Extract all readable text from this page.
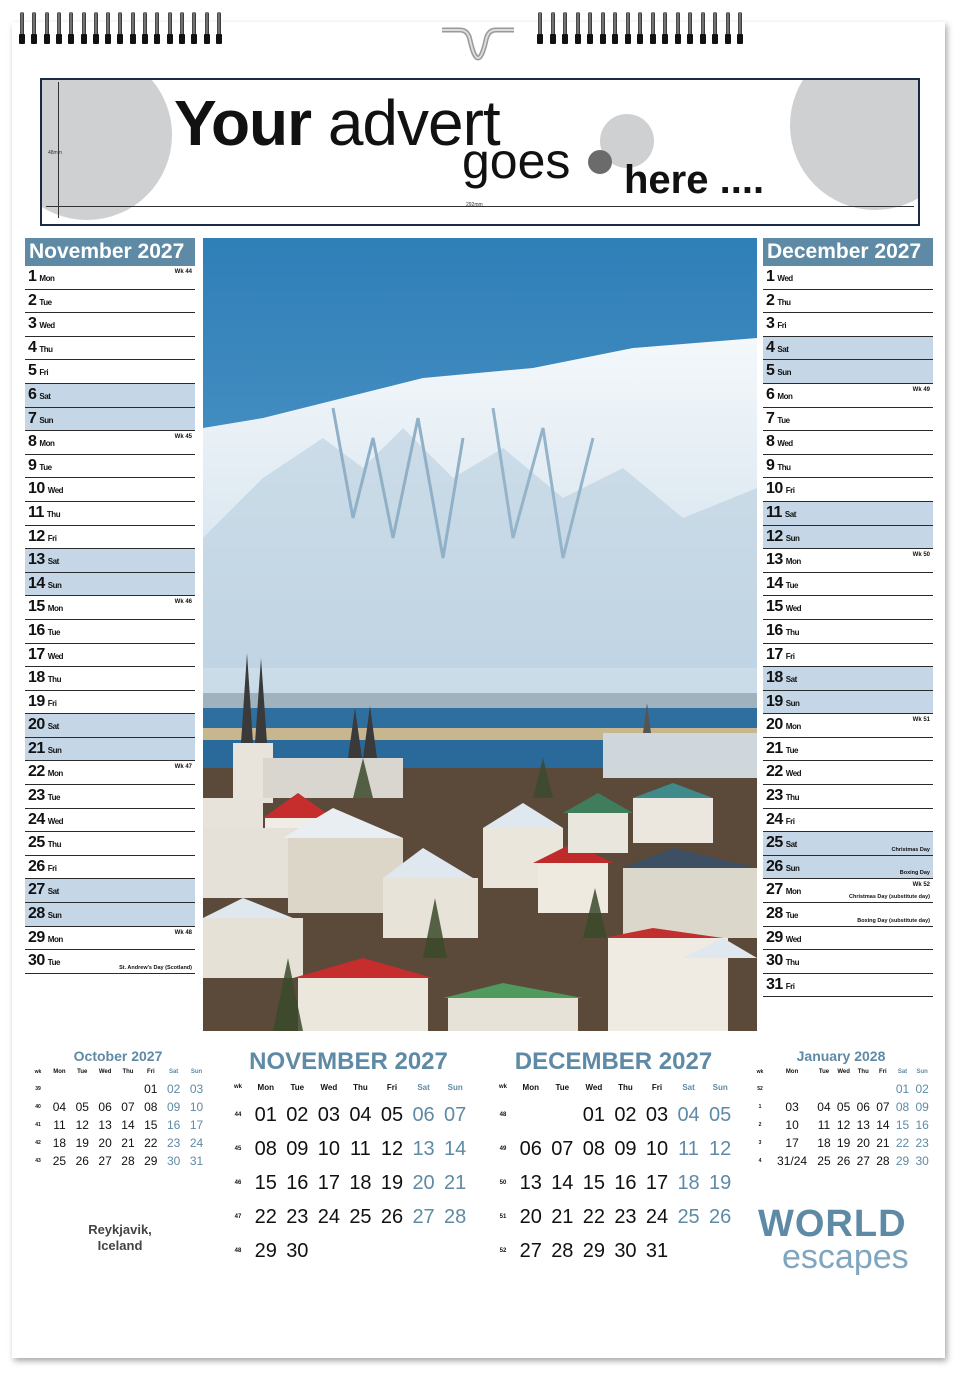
48mm
292mm
Your advert
goes here ....
November 2027
1 Mon
Wk 44
2 Tue
3 Wed
4 Thu
5 Fri
6 Sat
7 Sun
8 Mon
Wk 45
9 Tue
10 Wed
11 Thu
12 Fri
13 Sat
14 Sun
15 Mon
Wk 46
16 Tue
17 Wed
18 Thu
19 Fri
20 Sat
21 Sun
22 Mon
Wk 47
23 Tue
24 Wed
25 Thu
26 Fri
27 Sat
28 Sun
29 Mon
Wk 48
30 Tue
St. Andrew's Day (Scotland)
December 2027
1 Wed
2 Thu
3 Fri
4 Sat
5 Sun
6 Mon
Wk 49
7 Tue
8 Wed
9 Thu
10 Fri
11 Sat
12 Sun
13 Mon
Wk 50
14 Tue
15 Wed
16 Thu
17 Fri
18 Sat
19 Sun
20 Mon
Wk 51
21 Tue
22 Wed
23 Thu
24 Fri
25 Sat
Christmas Day
26 Sun
Boxing Day
27 Mon
Wk 52
Christmas Day (substitute day)
28 Tue
Boxing Day (substitute day)
29 Wed
30 Thu
31 Fri
October 2027
wk	Mon	Tue	Wed	Thu	Fri	Sat	Sun
39					01	02	03
40	04	05	06	07	08	09	10
41	11	12	13	14	15	16	17
42	18	19	20	21	22	23	24
43	25	26	27	28	29	30	31
January 2028
wk	Mon	Tue	Wed	Thu	Fri	Sat	Sun
52						01	02
1	03	04	05	06	07	08	09
2	10	11	12	13	14	15	16
3	17	18	19	20	21	22	23
4	31/24	25	26	27	28	29	30
NOVEMBER 2027
wk	Mon	Tue	Wed	Thu	Fri	Sat	Sun
44	01	02	03	04	05	06	07
45	08	09	10	11	12	13	14
46	15	16	17	18	19	20	21
47	22	23	24	25	26	27	28
48	29	30					
DECEMBER 2027
wk	Mon	Tue	Wed	Thu	Fri	Sat	Sun
48			01	02	03	04	05
49	06	07	08	09	10	11	12
50	13	14	15	16	17	18	19
51	20	21	22	23	24	25	26
52	27	28	29	30	31		
Reykjavik,
Iceland
WORLD
escapes
